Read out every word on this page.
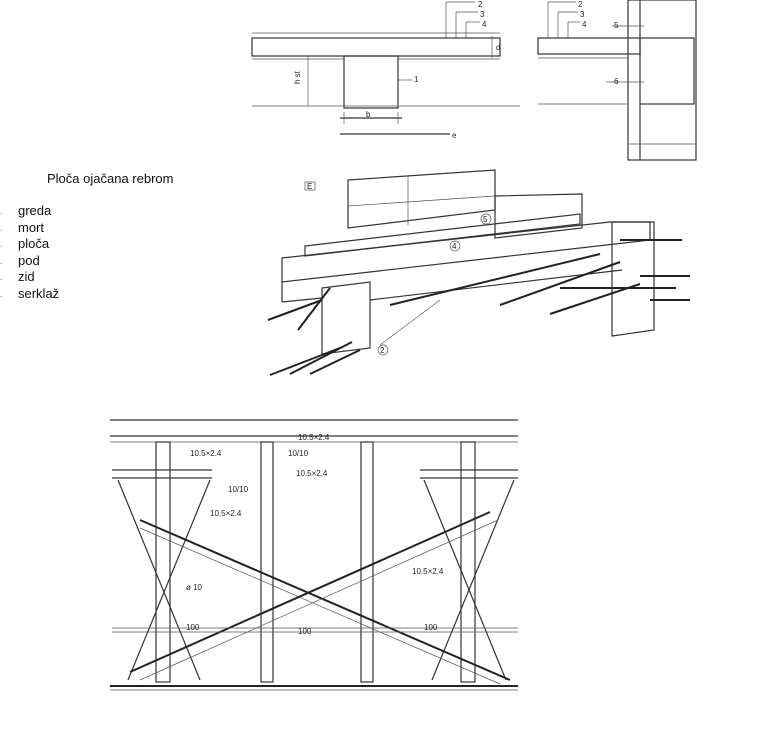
Ploča ojačana rebrom
. greda
. mort
. ploča
. pod
. zid
. serklaž
2
3
4
d
1
b
e
h st
2
3
4	5
6
E
2
4
5
10.5×2.4
10.5×2.4
10/10
10/10
10.5×2.4
10.5×2.4
10.5×2.4
ø 10
100	100	100
